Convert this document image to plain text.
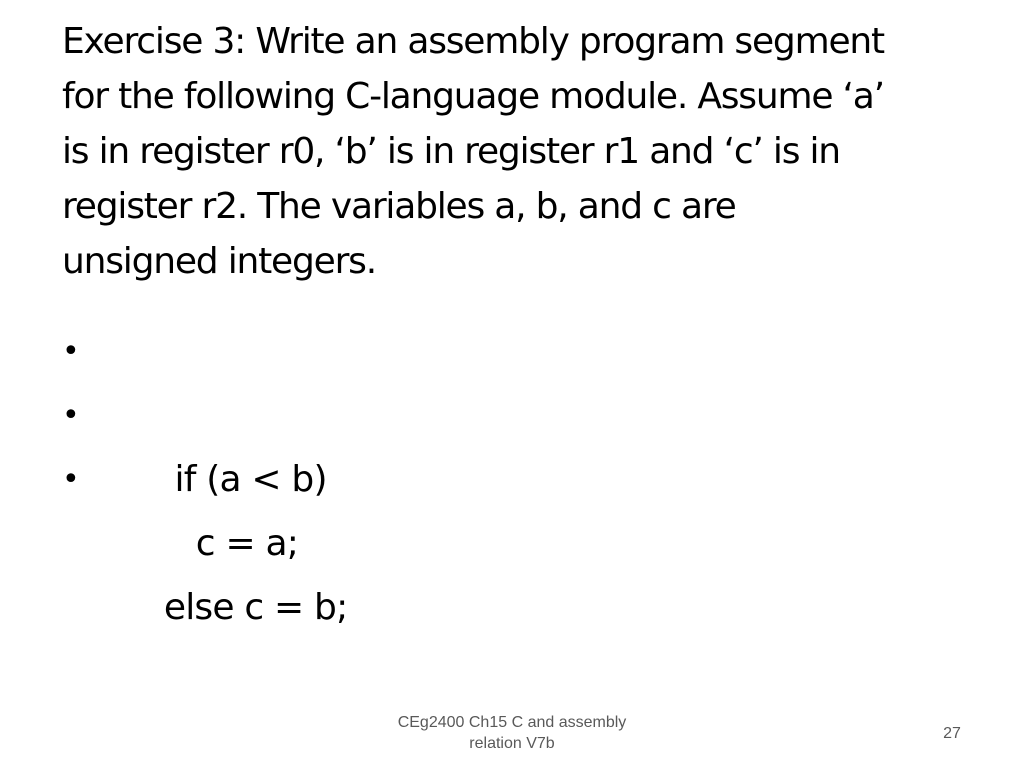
Exercise 3: Write an assembly program segment
for the following C-language module. Assume ‘a’
is in register r0, ‘b’ is in register r1 and ‘c’ is in
register r2. The variables a, b, and c are
unsigned integers.

•

if (a < b)

•

c = a;

•

else c = b;

CEg2400 Ch15 C and assembly
relation V7b
27
